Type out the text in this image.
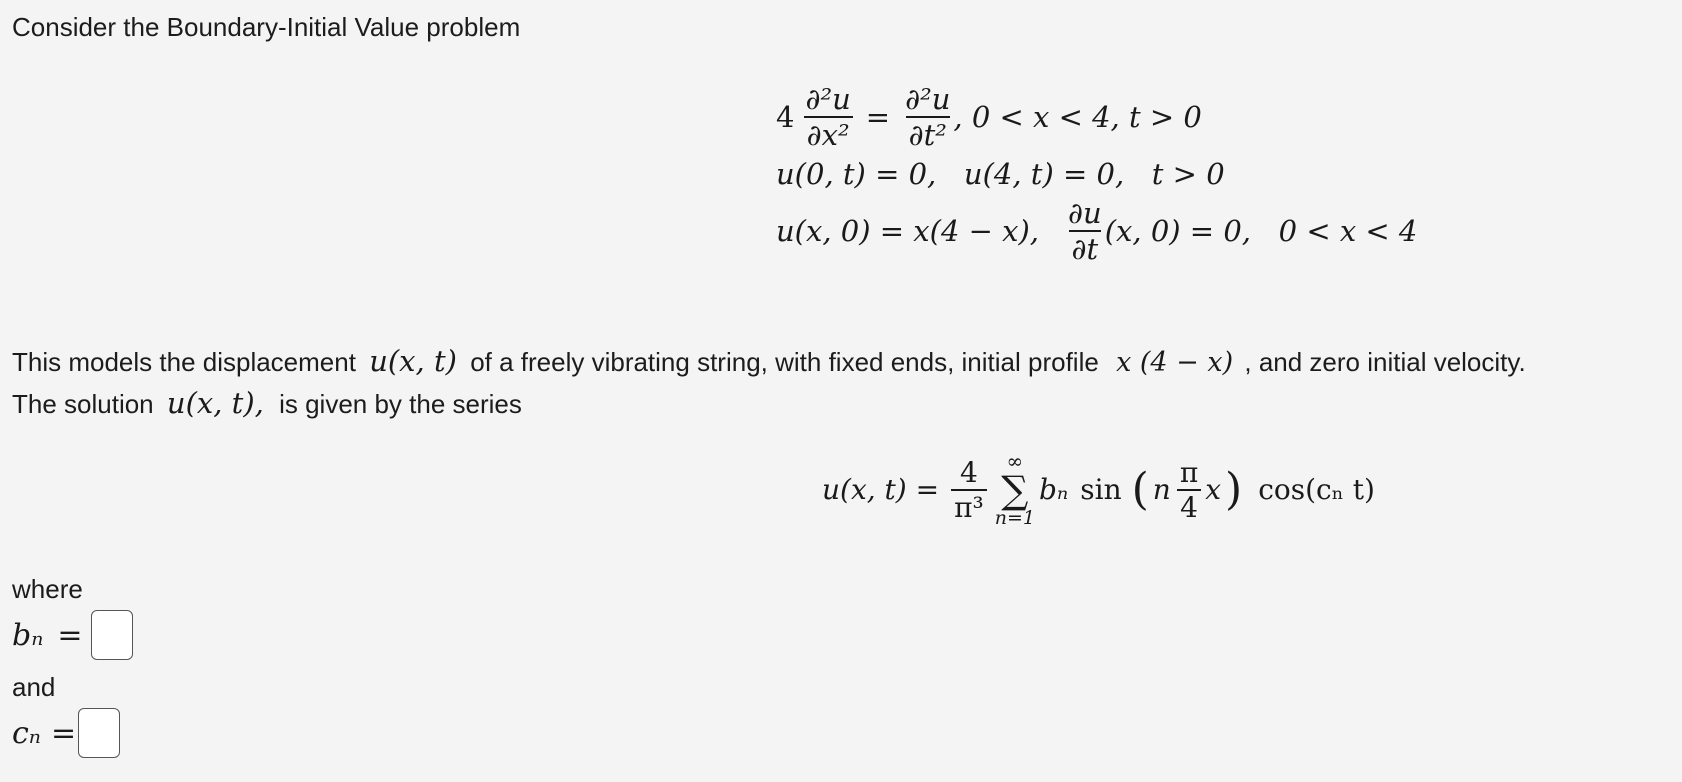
Consider the Boundary-Initial Value problem
$4 \frac{\text{∂²u}}{\text{∂x²}} = \frac{\text{∂²u}}{\text{∂t²}}$ , 0 < x < 4, t > 0
u(0, t) = 0,   u(4, t) = 0,   t > 0
u(x, 0) = x(4 − x), $\frac{\partial u}{\partial t} (x$, 0) = 0,   0 < x < 4
This models the displacement u(x, t) of a freely vibrating string, with fixed ends, initial profile x (4 − x) , and zero initial velocity.
The solution u(x, t), is given by the series
u(x, $t) = \frac{4}{\text{π³}}$ ∞
∑
n=1
bₙ sin ( n $\frac{\pi}{4}$ x ) cos(cₙ t)
where
bₙ =
and
cₙ =
